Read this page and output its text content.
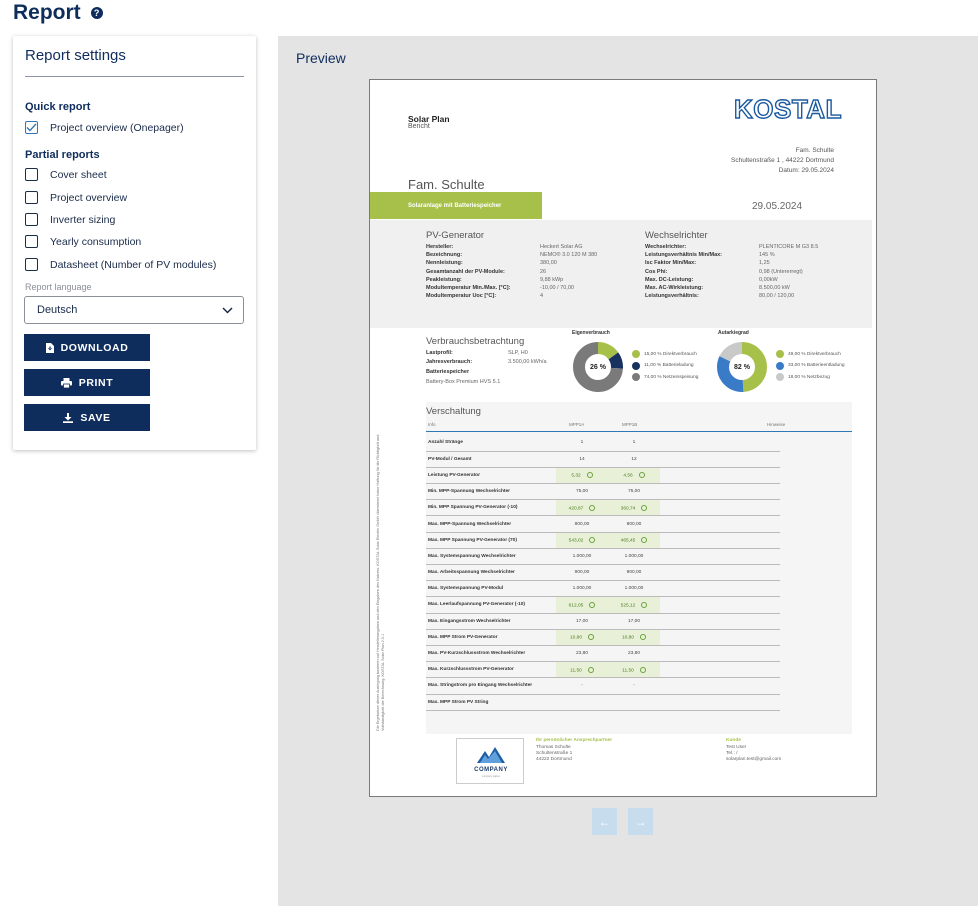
Report	?
Report settings
Quick report
Project overview (Onepager)
Partial reports
Cover sheet
Project overview
Inverter sizing
Yearly consumption
Datasheet (Number of PV modules)
Report language
Deutsch
DOWNLOAD
PRINT
SAVE
Preview
Solar Plan
Bericht
KOSTAL
Fam. Schulte
Schultenstraße 1 , 44222 Dortmund
Datum: 29.05.2024
Fam. Schulte
Solaranlage mit Batteriespeicher	29.05.2024
PV-Generator	Wechselrichter
Hersteller:	Heckert Solar AG
Bezeichnung:	NEMO® 3.0 120 M 380
Nennleistung:	380,00
Gesamtanzahl der PV-Module:	26
Peakleistung:	9,88 kWp
Modultemperatur Min./Max. [°C]:	-10,00 / 70,00
Modultemperatur Uoc [°C]:	4
Wechselrichter:	PLENTICORE M G3 8.5
Leistungsverhältnis Min/Max:	145 %
Isc Faktor Min/Max:	1,25
Cos Phi:	0,98 (Untererregt)
Max. DC-Leistung:	0,00kW
Max. AC-Wirkleistung:	8.500,00 kW
Leistungsverhältnis:	80,00 / 120,00
Verbrauchsbetrachtung
Lastprofil:	SLP, H0
Jahresverbrauch:	3.500,00 kWh/a
Batteriespeicher
Battery-Box Premium HVS 5.1
Eigenverbrauch
26 %
15,00 % Direktverbrauch
11,00 % Batterieladung
74,00 % Netzeinspeisung
Autarkiegrad
82 %
49,00 % Direktverbrauch
33,00 % Batterieentladung
18,00 % Netzbezug
Verschaltung
Info	MPP1A	MPP1B	Hinweise
Anzahl Stränge	1	1	
PV-Modul / Gesamt	14	12	
Leistung PV-Generator	5,32	4,56	
Min. MPP-Spannung Wechselrichter	75,00	75,00	
Min. MPP Spannung PV-Generator (-10)	420,87	360,74	
Max. MPP-Spannung Wechselrichter	800,00	800,00	
Max. MPP Spannung PV-Generator (70)	543,02	465,45	
Max. Systemspannung Wechselrichter	1.000,00	1.000,00	
Max. Arbeitsspannung Wechselrichter	900,00	900,00	
Max. Systemspannung PV-Modul	1.000,00	1.000,00	
Max. Leerlaufspannung PV-Generator (-10)	612,05	525,12	
Max. Eingangsstrom Wechselrichter	17,00	17,00	
Max. MPP Strom PV-Generator	10,80	10,80	
Max. PV-Kurzschlussstrom Wechselrichter	23,80	23,80	
Max. Kurzschlussstrom PV-Generator	11,50	11,50	
Max. Stringstrom pro Eingang Wechselrichter	-	-	
Max. MPP Strom PV String			
Die Ergebnisse dieser Auslegung basieren auf Herstellerangaben und den Eingaben des Nutzers. KOSTAL Solar Electric GmbH übernimmt keine Haftung für die Richtigkeit und Vollständigkeit der Berechnung. KOSTAL Solar Plan 2.0.1
COMPANY
company tagline
Ihr persönlicher Ansprechpartner
Thomas Schulte
Schultenstraße 1
44222 Dortmund
Kunde
Test User
Tel.: /
solarplan.test@gmail.com
← →
